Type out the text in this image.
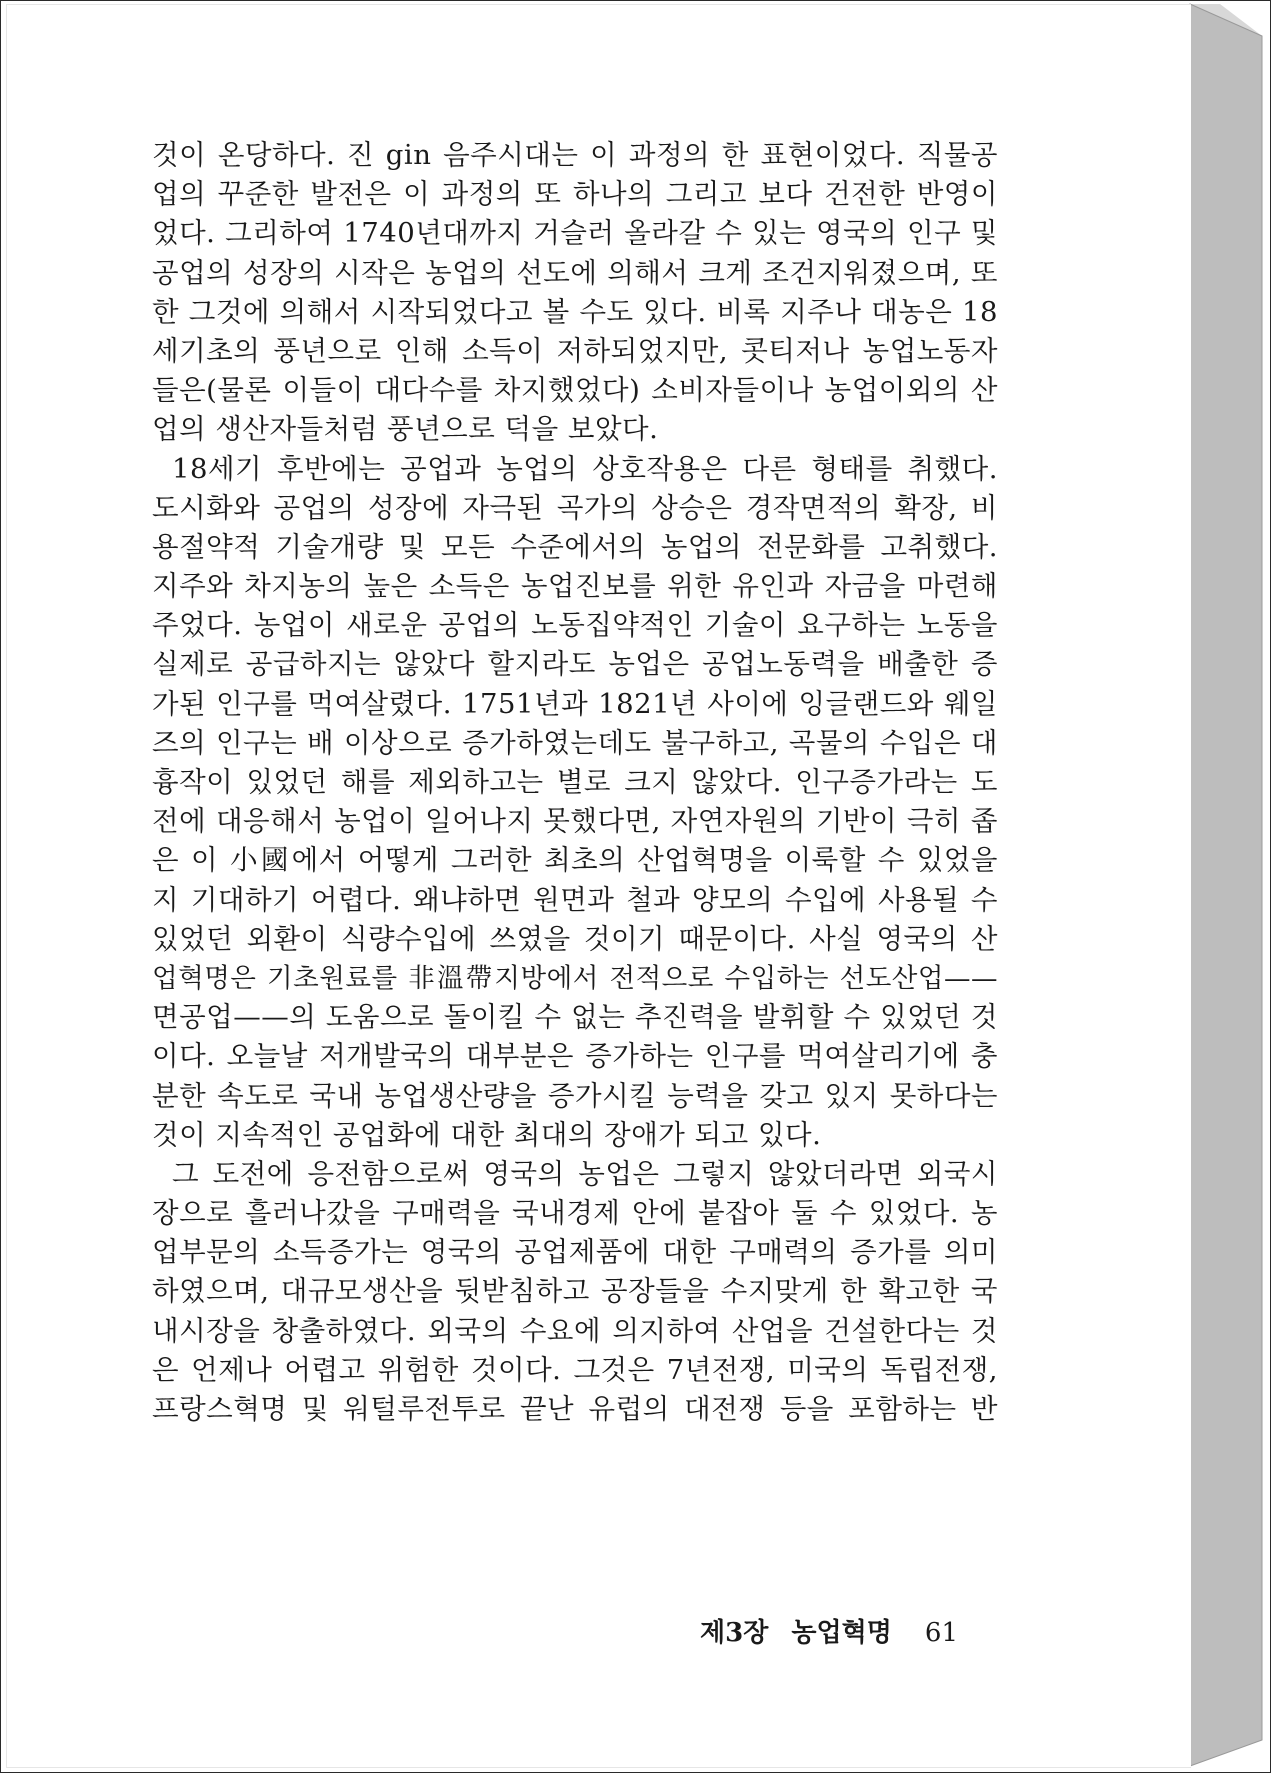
것이 온당하다. 진 gin 음주시대는 이 과정의 한 표현이었다. 직물공
업의 꾸준한 발전은 이 과정의 또 하나의 그리고 보다 건전한 반영이
었다. 그리하여 1740년대까지 거슬러 올라갈 수 있는 영국의 인구 및
공업의 성장의 시작은 농업의 선도에 의해서 크게 조건지워졌으며, 또
한 그것에 의해서 시작되었다고 볼 수도 있다. 비록 지주나 대농은 18
세기초의 풍년으로 인해 소득이 저하되었지만, 콧티저나 농업노동자
들은(물론 이들이 대다수를 차지했었다) 소비자들이나 농업이외의 산
업의 생산자들처럼 풍년으로 덕을 보았다.
18세기 후반에는 공업과 농업의 상호작용은 다른 형태를 취했다.
도시화와 공업의 성장에 자극된 곡가의 상승은 경작면적의 확장, 비
용절약적 기술개량 및 모든 수준에서의 농업의 전문화를 고취했다.
지주와 차지농의 높은 소득은 농업진보를 위한 유인과 자금을 마련해
주었다. 농업이 새로운 공업의 노동집약적인 기술이 요구하는 노동을
실제로 공급하지는 않았다 할지라도 농업은 공업노동력을 배출한 증
가된 인구를 먹여살렸다. 1751년과 1821년 사이에 잉글랜드와 웨일
즈의 인구는 배 이상으로 증가하였는데도 불구하고, 곡물의 수입은 대
흉작이 있었던 해를 제외하고는 별로 크지 않았다. 인구증가라는 도
전에 대응해서 농업이 일어나지 못했다면, 자연자원의 기반이 극히 좁
은 이 小國에서 어떻게 그러한 최초의 산업혁명을 이룩할 수 있었을
지 기대하기 어렵다. 왜냐하면 원면과 철과 양모의 수입에 사용될 수
있었던 외환이 식량수입에 쓰였을 것이기 때문이다. 사실 영국의 산
업혁명은 기초원료를 非溫帶지방에서 전적으로 수입하는 선도산업——
면공업——의 도움으로 돌이킬 수 없는 추진력을 발휘할 수 있었던 것
이다. 오늘날 저개발국의 대부분은 증가하는 인구를 먹여살리기에 충
분한 속도로 국내 농업생산량을 증가시킬 능력을 갖고 있지 못하다는
것이 지속적인 공업화에 대한 최대의 장애가 되고 있다.
그 도전에 응전함으로써 영국의 농업은 그렇지 않았더라면 외국시
장으로 흘러나갔을 구매력을 국내경제 안에 붙잡아 둘 수 있었다. 농
업부문의 소득증가는 영국의 공업제품에 대한 구매력의 증가를 의미
하였으며, 대규모생산을 뒷받침하고 공장들을 수지맞게 한 확고한 국
내시장을 창출하였다. 외국의 수요에 의지하여 산업을 건설한다는 것
은 언제나 어렵고 위험한 것이다. 그것은 7년전쟁, 미국의 독립전쟁,
프랑스혁명 및 워털루전투로 끝난 유럽의 대전쟁 등을 포함하는 반
제3장 농업혁명 61
